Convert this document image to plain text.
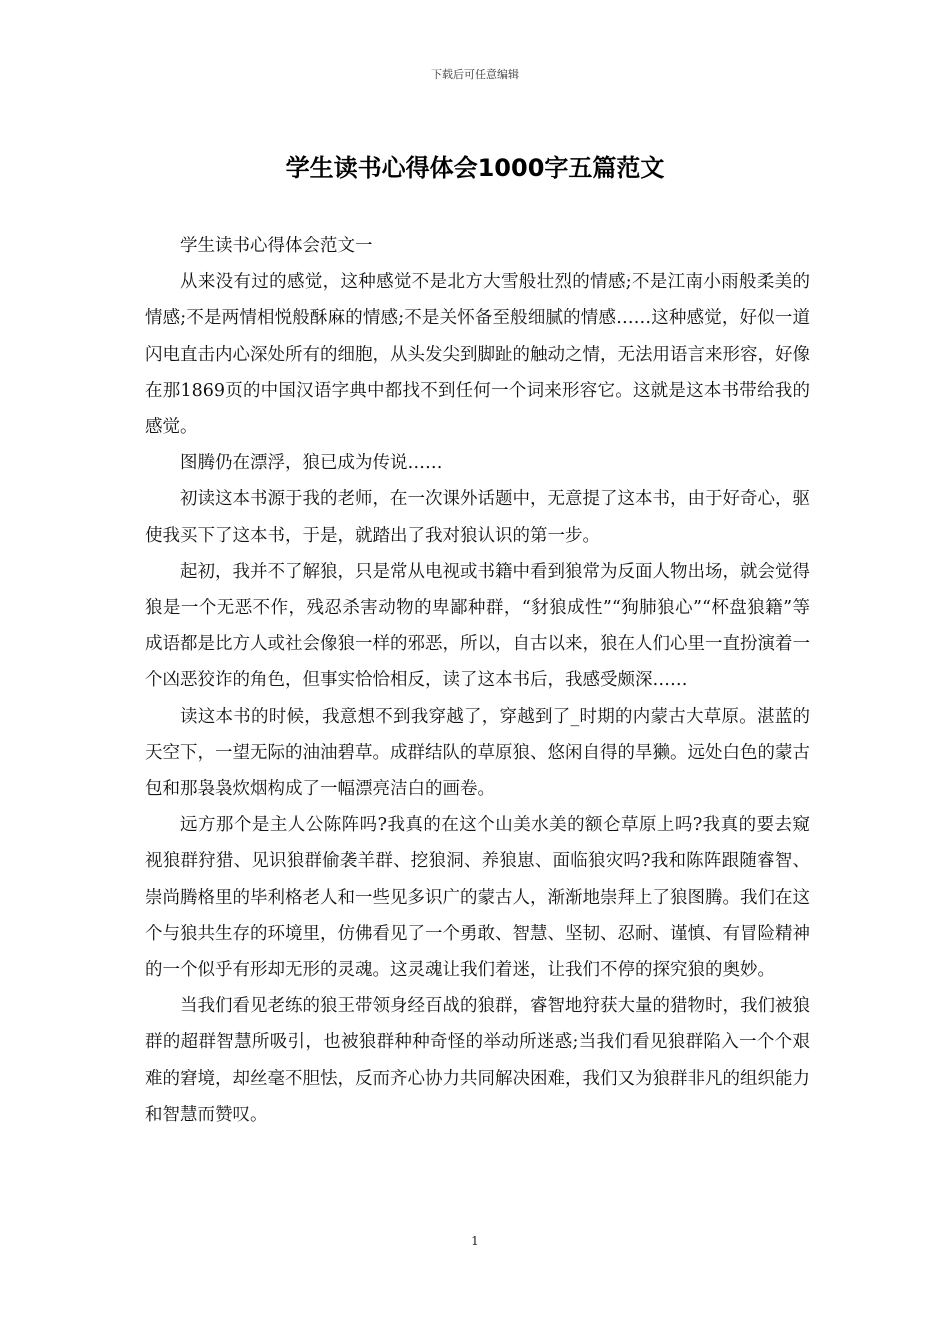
下载后可任意编辑
学生读书心得体会1000字五篇范文

学生读书心得体会范文一

从来没有过的感觉，这种感觉不是北方大雪般壮烈的情感;不是江南小雨般柔美的情感;不是两情相悦般酥麻的情感;不是关怀备至般细腻的情感……这种感觉，好似一道闪电直击内心深处所有的细胞，从头发尖到脚趾的触动之情，无法用语言来形容，好像在那1869页的中国汉语字典中都找不到任何一个词来形容它。这就是这本书带给我的感觉。

图腾仍在漂浮，狼已成为传说……

初读这本书源于我的老师，在一次课外话题中，无意提了这本书，由于好奇心，驱使我买下了这本书，于是，就踏出了我对狼认识的第一步。

起初，我并不了解狼，只是常从电视或书籍中看到狼常为反面人物出场，就会觉得狼是一个无恶不作，残忍杀害动物的卑鄙种群，“豺狼成性”“狗肺狼心”“杯盘狼籍”等成语都是比方人或社会像狼一样的邪恶，所以，自古以来，狼在人们心里一直扮演着一个凶恶狡诈的角色，但事实恰恰相反，读了这本书后，我感受颇深……

读这本书的时候，我意想不到我穿越了，穿越到了_时期的内蒙古大草原。湛蓝的天空下，一望无际的油油碧草。成群结队的草原狼、悠闲自得的旱獭。远处白色的蒙古包和那袅袅炊烟构成了一幅漂亮洁白的画卷。

远方那个是主人公陈阵吗?我真的在这个山美水美的额仑草原上吗?我真的要去窥视狼群狩猎、见识狼群偷袭羊群、挖狼洞、养狼崽、面临狼灾吗?我和陈阵跟随睿智、崇尚腾格里的毕利格老人和一些见多识广的蒙古人，渐渐地崇拜上了狼图腾。我们在这个与狼共生存的环境里，仿佛看见了一个勇敢、智慧、坚韧、忍耐、谨慎、有冒险精神的一个似乎有形却无形的灵魂。这灵魂让我们着迷，让我们不停的探究狼的奥妙。

当我们看见老练的狼王带领身经百战的狼群，睿智地狩获大量的猎物时，我们被狼群的超群智慧所吸引，也被狼群种种奇怪的举动所迷惑;当我们看见狼群陷入一个个艰难的窘境，却丝毫不胆怯，反而齐心协力共同解决困难，我们又为狼群非凡的组织能力和智慧而赞叹。

1
